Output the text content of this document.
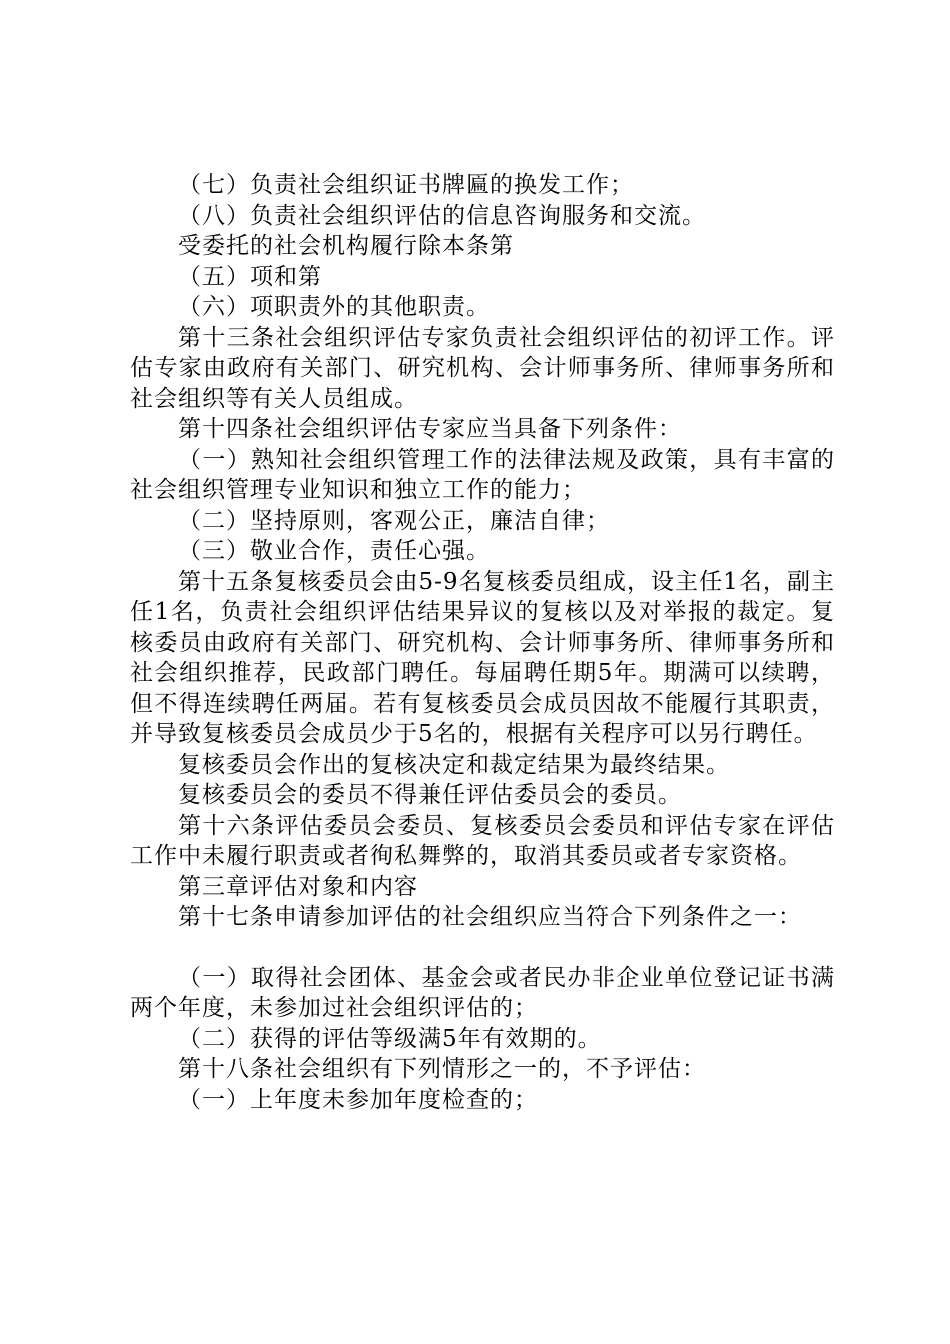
（七）负责社会组织证书牌匾的换发工作；

（八）负责社会组织评估的信息咨询服务和交流。

受委托的社会机构履行除本条第

（五）项和第

（六）项职责外的其他职责。

第十三条社会组织评估专家负责社会组织评估的初评工作。评估专家由政府有关部门、研究机构、会计师事务所、律师事务所和社会组织等有关人员组成。

第十四条社会组织评估专家应当具备下列条件：

（一）熟知社会组织管理工作的法律法规及政策，具有丰富的社会组织管理专业知识和独立工作的能力；

（二）坚持原则，客观公正，廉洁自律；

（三）敬业合作，责任心强。

第十五条复核委员会由5-9名复核委员组成，设主任1名，副主任1名，负责社会组织评估结果异议的复核以及对举报的裁定。复核委员由政府有关部门、研究机构、会计师事务所、律师事务所和社会组织推荐，民政部门聘任。每届聘任期5年。期满可以续聘，但不得连续聘任两届。若有复核委员会成员因故不能履行其职责，并导致复核委员会成员少于5名的，根据有关程序可以另行聘任。

复核委员会作出的复核决定和裁定结果为最终结果。

复核委员会的委员不得兼任评估委员会的委员。

第十六条评估委员会委员、复核委员会委员和评估专家在评估工作中未履行职责或者徇私舞弊的，取消其委员或者专家资格。

第三章评估对象和内容

第十七条申请参加评估的社会组织应当符合下列条件之一：

（一）取得社会团体、基金会或者民办非企业单位登记证书满两个年度，未参加过社会组织评估的；

（二）获得的评估等级满5年有效期的。

第十八条社会组织有下列情形之一的，不予评估：

（一）上年度未参加年度检查的；
